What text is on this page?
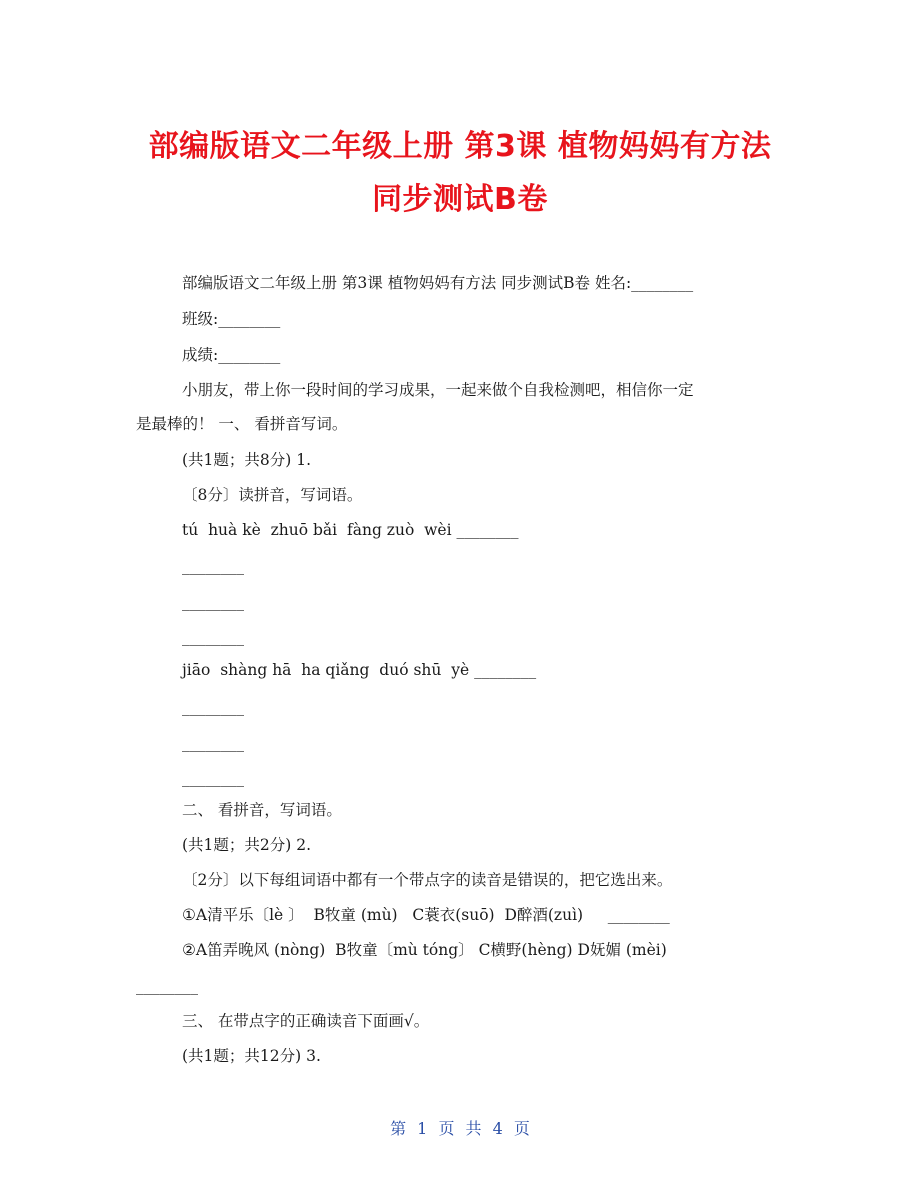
部编版语文二年级上册 第3课 植物妈妈有方法
同步测试B卷
部编版语文二年级上册 第3课 植物妈妈有方法 同步测试B卷 姓名:________
班级:________
成绩:________
小朋友，带上你一段时间的学习成果，一起来做个自我检测吧，相信你一定
是最棒的！ 一、 看拼音写词。
(共1题；共8分) 1.
〔8分〕读拼音，写词语。
tú  huà kè  zhuō bǎi  fàng zuò  wèi ________
________
________
________
jiāo  shàng hā  ha qiǎng  duó shū  yè ________
________
________
________
二、 看拼音，写词语。
(共1题；共2分) 2.
〔2分〕以下每组词语中都有一个带点字的读音是错误的，把它选出来。
①A清平乐〔lè 〕  B牧童 (mù)   C蓑衣(suō)  D醉酒(zuì)     ________
②A笛弄晚风 (nòng)  B牧童〔mù tóng〕 C横野(hèng) D妩媚 (mèi)
________
三、 在带点字的正确读音下面画√。
(共1题；共12分) 3.
第 1 页 共 4 页
